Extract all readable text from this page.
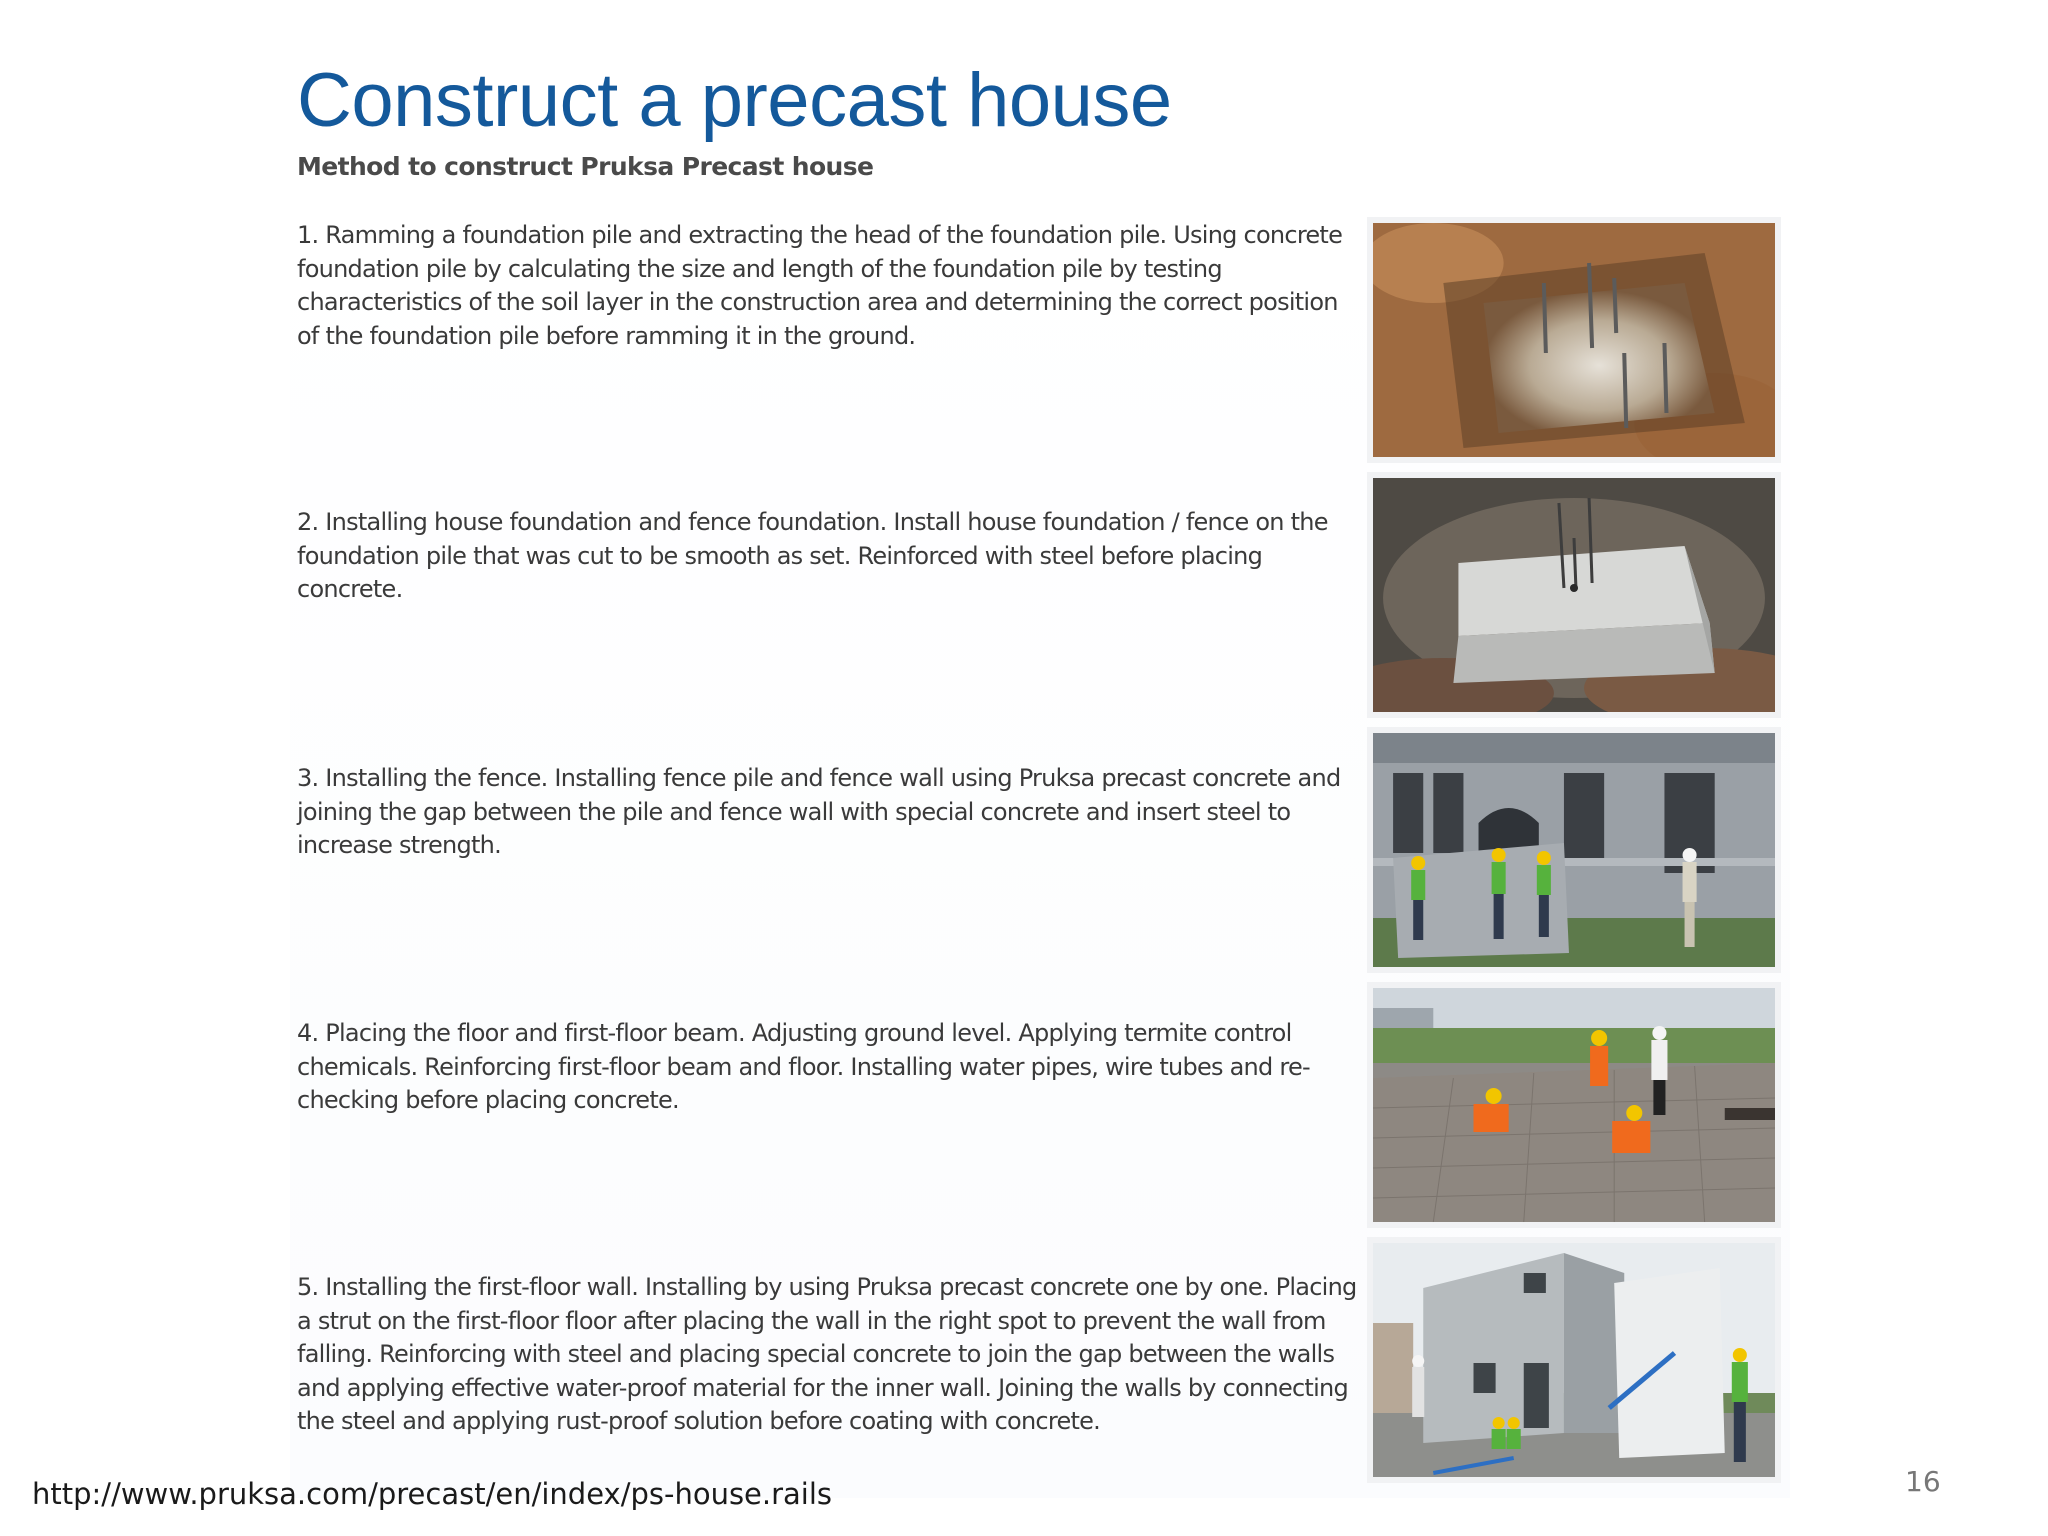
Construct a precast house
Method to construct Pruksa Precast house

1. Ramming a foundation pile and extracting the head of the foundation pile. Using concrete foundation pile by calculating the size and length of the foundation pile by testing characteristics of the soil layer in the construction area and determining the correct position of the foundation pile before ramming it in the ground.

2. Installing house foundation and fence foundation. Install house foundation / fence on the foundation pile that was cut to be smooth as set. Reinforced with steel before placing concrete.

3. Installing the fence. Installing fence pile and fence wall using Pruksa precast concrete and joining the gap between the pile and fence wall with special concrete and insert steel to increase strength.

4. Placing the floor and first-floor beam. Adjusting ground level. Applying termite control chemicals. Reinforcing first-floor beam and floor. Installing water pipes, wire tubes and re-checking before placing concrete.

5. Installing the first-floor wall. Installing by using Pruksa precast concrete one by one. Placing a strut on the first-floor floor after placing the wall in the right spot to prevent the wall from falling. Reinforcing with steel and placing special concrete to join the gap between the walls and applying effective water-proof material for the inner wall. Joining the walls by connecting the steel and applying rust-proof solution before coating with concrete.

http://www.pruksa.com/precast/en/index/ps-house.rails	16
